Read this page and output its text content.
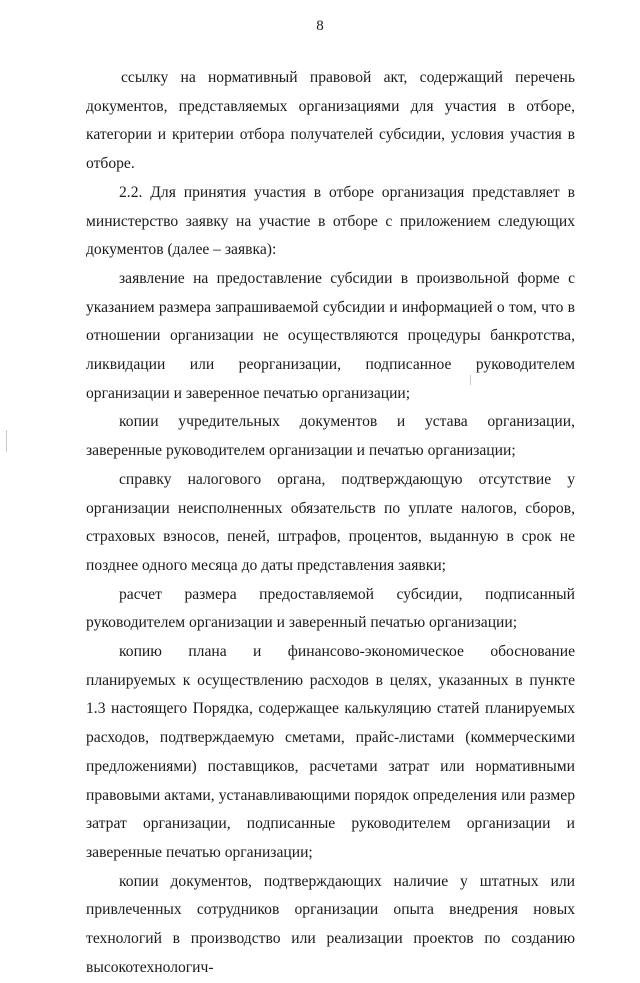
8

ссылку на нормативный правовой акт, содержащий перечень документов, представляемых организациями для участия в отборе, категории и критерии отбора получателей субсидии, условия участия в отборе.

2.2. Для принятия участия в отборе организация представляет в министерство заявку на участие в отборе с приложением следующих документов (далее – заявка):

заявление на предоставление субсидии в произвольной форме с указанием размера запрашиваемой субсидии и информацией о том, что в отношении организации не осуществляются процедуры банкротства, ликвидации или реорганизации, подписанное руководителем организации и заверенное печатью организации;

копии учредительных документов и устава организации, заверенные руководителем организации и печатью организации;

справку налогового органа, подтверждающую отсутствие у организации неисполненных обязательств по уплате налогов, сборов, страховых взносов, пеней, штрафов, процентов, выданную в срок не позднее одного месяца до даты представления заявки;

расчет размера предоставляемой субсидии, подписанный руководителем организации и заверенный печатью организации;

копию плана и финансово-экономическое обоснование планируемых к осуществлению расходов в целях, указанных в пункте 1.3 настоящего Порядка, содержащее калькуляцию статей планируемых расходов, подтверждаемую сметами, прайс-листами (коммерческими предложениями) поставщиков, расчетами затрат или нормативными правовыми актами, устанавливающими порядок определения или размер затрат организации, подписанные руководителем организации и заверенные печатью организации;

копии документов, подтверждающих наличие у штатных или привлеченных сотрудников организации опыта внедрения новых технологий в производство или реализации проектов по созданию высокотехнологич-
